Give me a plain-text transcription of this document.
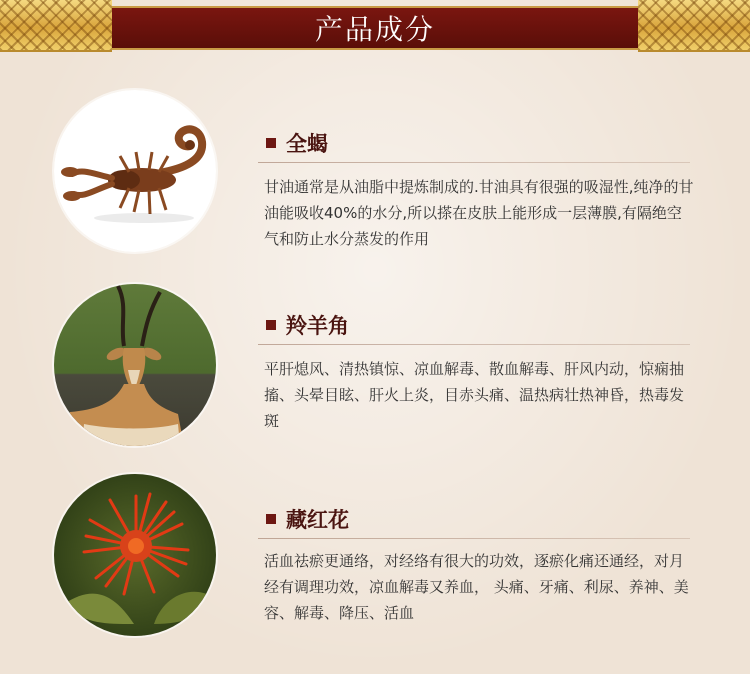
产品成分
全蝎

甘油通常是从油脂中提炼制成的.甘油具有很强的吸湿性,纯净的甘油能吸收40%的水分,所以搽在皮肤上能形成一层薄膜,有隔绝空气和防止水分蒸发的作用

羚羊角

平肝熄风、清热镇惊、凉血解毒、散血解毒、肝风内动，惊痫抽搐、头晕目眩、肝火上炎，目赤头痛、温热病壮热神昏，热毒发斑

藏红花

活血祛瘀更通络，对经络有很大的功效，逐瘀化痛还通经，对月经有调理功效，凉血解毒又养血， 头痛、牙痛、利尿、养神、美容、解毒、降压、活血
